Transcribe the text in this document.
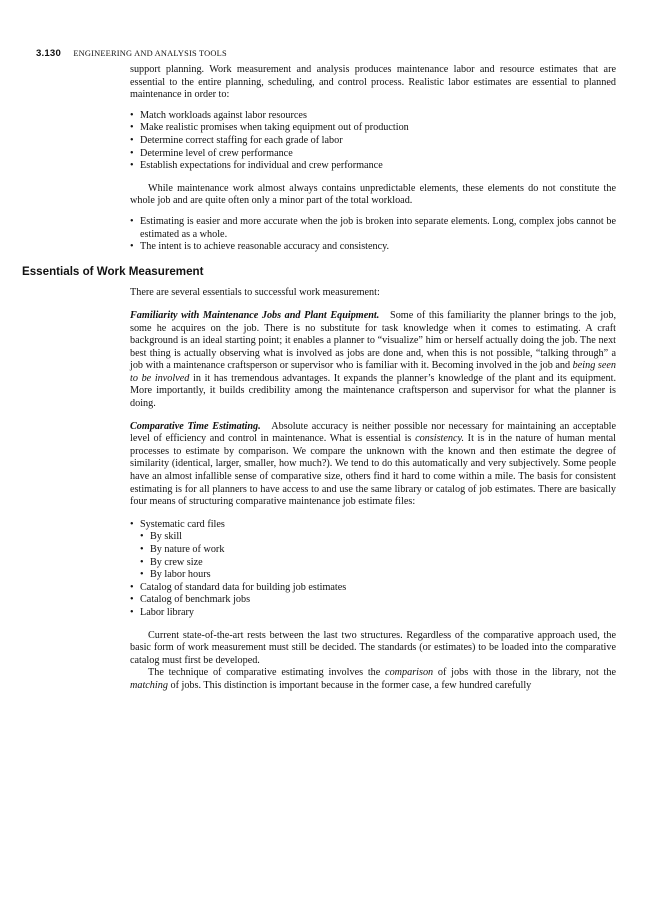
3.130 ENGINEERING AND ANALYSIS TOOLS

support planning. Work measurement and analysis produces maintenance labor and resource estimates that are essential to the entire planning, scheduling, and control process. Realistic labor estimates are essential to planned maintenance in order to:

• Match workloads against labor resources
• Make realistic promises when taking equipment out of production
• Determine correct staffing for each grade of labor
• Determine level of crew performance
• Establish expectations for individual and crew performance

While maintenance work almost always contains unpredictable elements, these elements do not constitute the whole job and are quite often only a minor part of the total workload.

• Estimating is easier and more accurate when the job is broken into separate elements. Long, complex jobs cannot be estimated as a whole.
• The intent is to achieve reasonable accuracy and consistency.
Essentials of Work Measurement

There are several essentials to successful work measurement:

Familiarity with Maintenance Jobs and Plant Equipment. Some of this familiarity the planner brings to the job, some he acquires on the job. There is no substitute for task knowledge when it comes to estimating. A craft background is an ideal starting point; it enables a planner to “visualize” him or herself actually doing the job. The next best thing is actually observing what is involved as jobs are done and, when this is not possible, “talking through” a job with a maintenance craftsperson or supervisor who is familiar with it. Becoming involved in the job and being seen to be involved in it has tremendous advantages. It expands the planner’s knowledge of the plant and its equipment. More importantly, it builds credibility among the maintenance craftsperson and supervisor for what the planner is doing.

Comparative Time Estimating. Absolute accuracy is neither possible nor necessary for maintaining an acceptable level of efficiency and control in maintenance. What is essential is consistency. It is in the nature of human mental processes to estimate by comparison. We compare the unknown with the known and then estimate the degree of similarity (identical, larger, smaller, how much?). We tend to do this automatically and very subjectively. Some people have an almost infallible sense of comparative size, others find it hard to come within a mile. The basis for consistent estimating is for all planners to have access to and use the same library or catalog of job estimates. There are basically four means of structuring comparative maintenance job estimate files:

• Systematic card files
• By skill
• By nature of work
• By crew size
• By labor hours
• Catalog of standard data for building job estimates
• Catalog of benchmark jobs
• Labor library

Current state-of-the-art rests between the last two structures. Regardless of the comparative approach used, the basic form of work measurement must still be decided. The standards (or estimates) to be loaded into the comparative catalog must first be developed.

The technique of comparative estimating involves the comparison of jobs with those in the library, not the matching of jobs. This distinction is important because in the former case, a few hundred carefully
